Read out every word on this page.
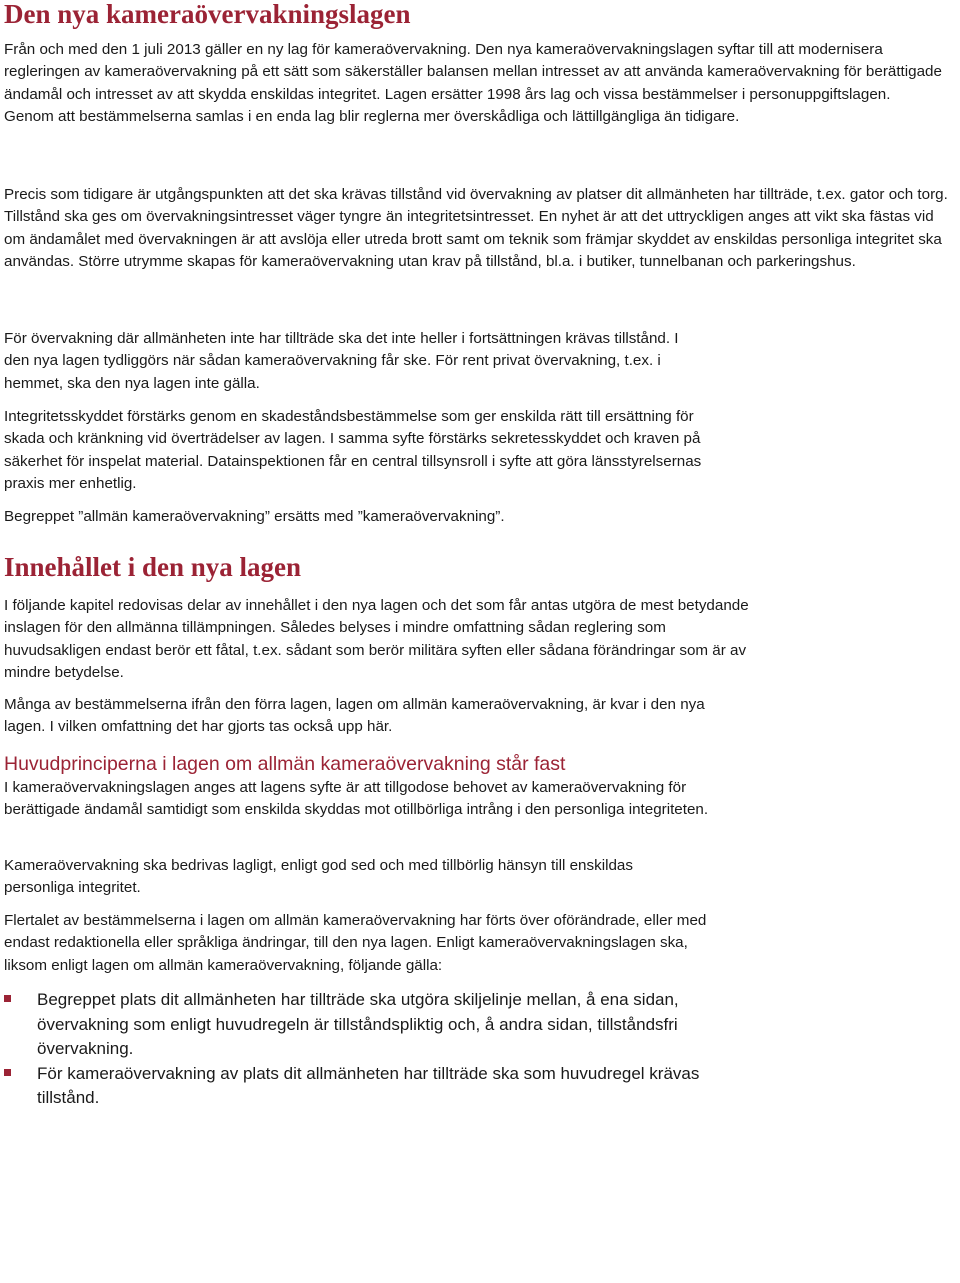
Den nya kameraövervakningslagen

Från och med den 1 juli 2013 gäller en ny lag för kameraövervakning. Den nya kameraövervakningslagen syftar till att modernisera regleringen av kameraövervakning på ett sätt som säkerställer balansen mellan intresset av att använda kameraövervakning för berättigade ändamål och intresset av att skydda enskildas integritet. Lagen ersätter 1998 års lag och vissa bestämmelser i personuppgiftslagen. Genom att bestämmelserna samlas i en enda lag blir reglerna mer överskådliga och lättillgängliga än tidigare.

Precis som tidigare är utgångspunkten att det ska krävas tillstånd vid övervakning av platser dit allmänheten har tillträde, t.ex. gator och torg. Tillstånd ska ges om övervakningsintresset väger tyngre än integritetsintresset. En nyhet är att det uttryckligen anges att vikt ska fästas vid om ändamålet med övervakningen är att avslöja eller utreda brott samt om teknik som främjar skyddet av enskildas personliga integritet ska användas. Större utrymme skapas för kameraövervakning utan krav på tillstånd, bl.a. i butiker, tunnelbanan och parkeringshus.

För övervakning där allmänheten inte har tillträde ska det inte heller i fortsättningen krävas tillstånd. I den nya lagen tydliggörs när sådan kameraövervakning får ske. För rent privat övervakning, t.ex. i hemmet, ska den nya lagen inte gälla.

Integritetsskyddet förstärks genom en skadeståndsbestämmelse som ger enskilda rätt till ersättning för skada och kränkning vid överträdelser av lagen. I samma syfte förstärks sekretesskyddet och kraven på säkerhet för inspelat material. Datainspektionen får en central tillsynsroll i syfte att göra länsstyrelsernas praxis mer enhetlig.

Begreppet ”allmän kameraövervakning” ersätts med ”kameraövervakning”.

Innehållet i den nya lagen

I följande kapitel redovisas delar av innehållet i den nya lagen och det som får antas utgöra de mest betydande inslagen för den allmänna tillämpningen. Således belyses i mindre omfattning sådan reglering som huvudsakligen endast berör ett fåtal, t.ex. sådant som berör militära syften eller sådana förändringar som är av mindre betydelse.

Många av bestämmelserna ifrån den förra lagen, lagen om allmän kameraövervakning, är kvar i den nya lagen. I vilken omfattning det har gjorts tas också upp här.

Huvudprinciperna i lagen om allmän kameraövervakning står fast

I kameraövervakningslagen anges att lagens syfte är att tillgodose behovet av kameraövervakning för berättigade ändamål samtidigt som enskilda skyddas mot otillbörliga intrång i den personliga integriteten.

Kameraövervakning ska bedrivas lagligt, enligt god sed och med tillbörlig hänsyn till enskildas personliga integritet.

Flertalet av bestämmelserna i lagen om allmän kameraövervakning har förts över oförändrade, eller med endast redaktionella eller språkliga ändringar, till den nya lagen. Enligt kameraövervakningslagen ska, liksom enligt lagen om allmän kameraövervakning, följande gälla:

Begreppet plats dit allmänheten har tillträde ska utgöra skiljelinje mellan, å ena sidan, övervakning som enligt huvudregeln är tillståndspliktig och, å andra sidan, tillståndsfri övervakning.
För kameraövervakning av plats dit allmänheten har tillträde ska som huvudregel krävas tillstånd.
